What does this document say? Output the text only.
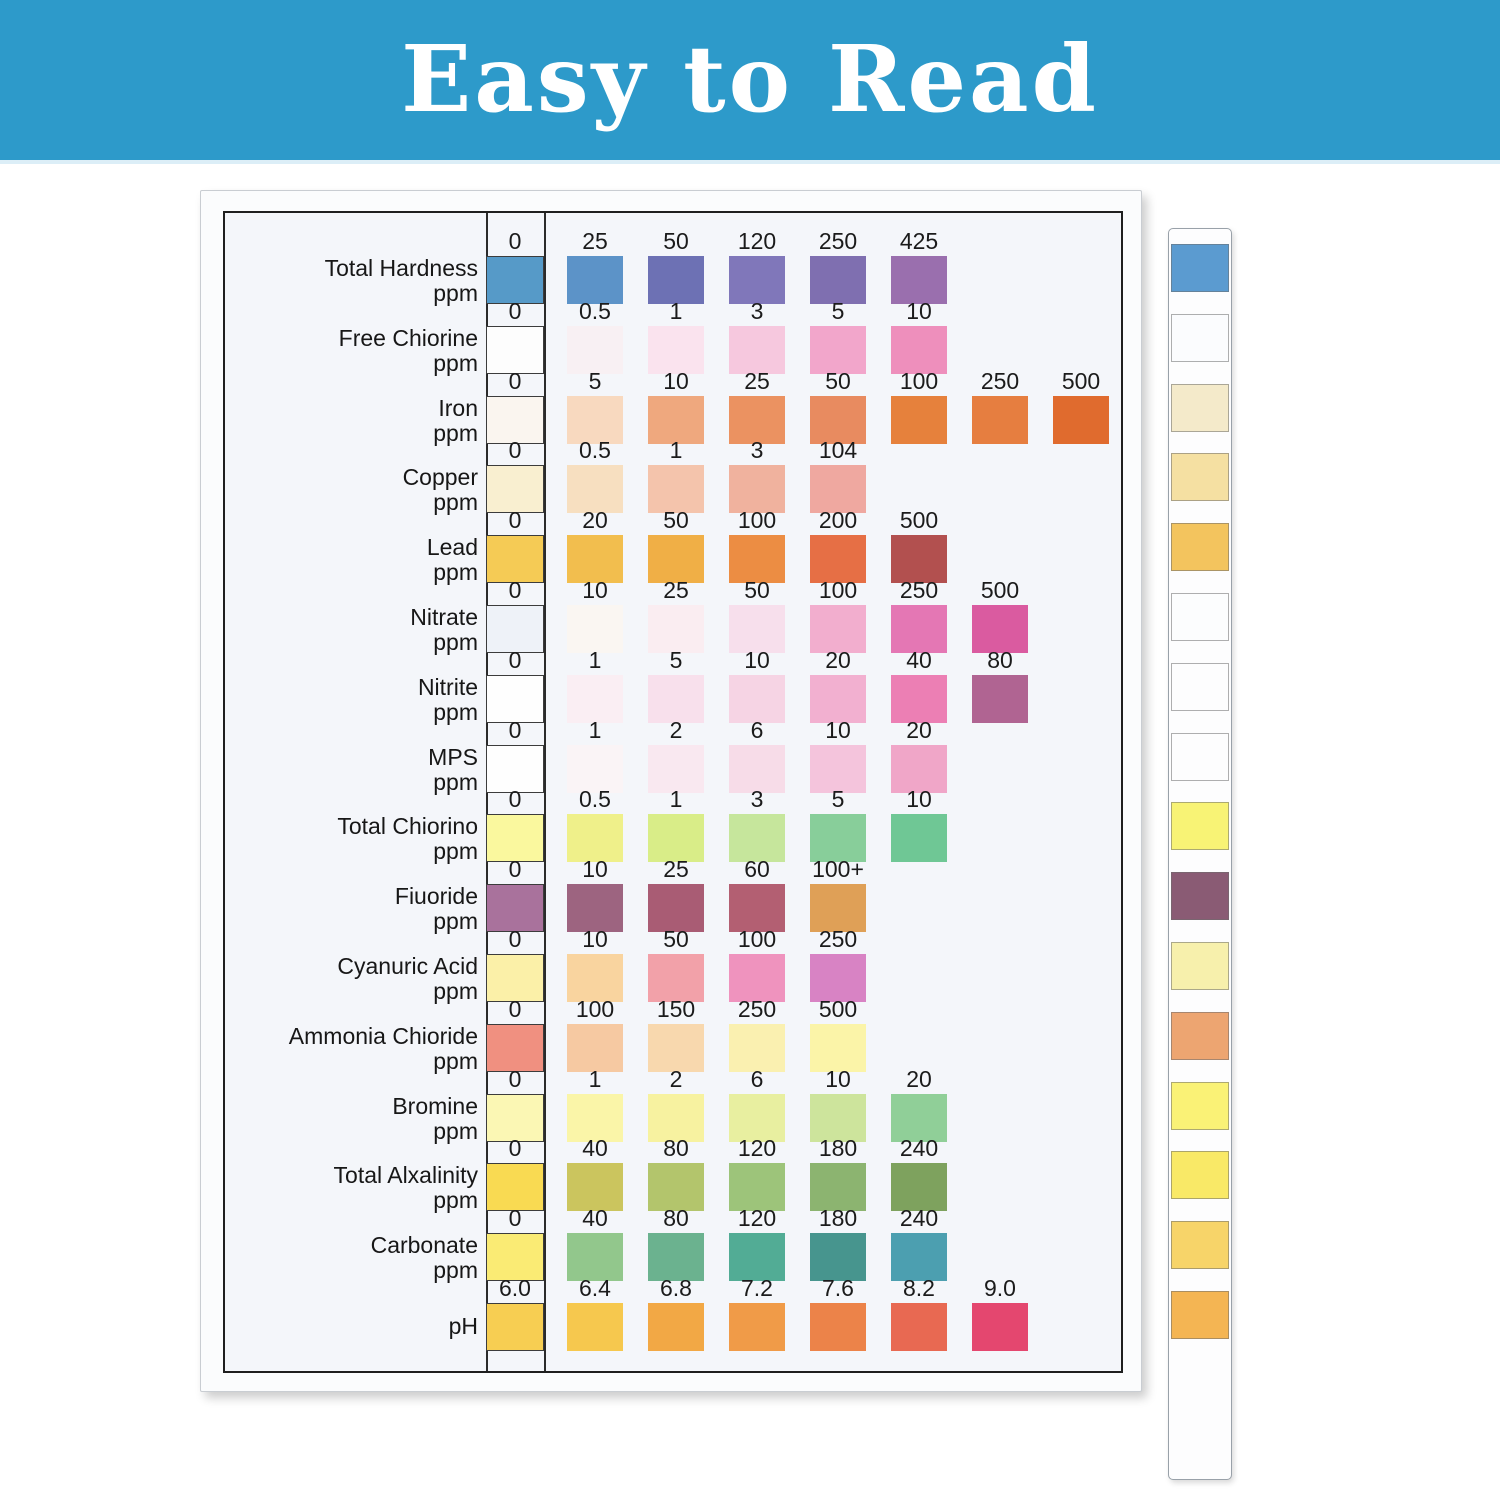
Easy to Read
Total Hardness
ppm
0	25	50	120	250	425
Free Chiorine
ppm
0	0.5	1	3	5	10
Iron
ppm
0	5	10	25	50	100	250	500
Copper
ppm
0	0.5	1	3	104
Lead
ppm
0	20	50	100	200	500
Nitrate
ppm
0	10	25	50	100	250	500
Nitrite
ppm
0	1	5	10	20	40	80
MPS
ppm
0	1	2	6	10	20
Total Chiorino
ppm
0	0.5	1	3	5	10
Fiuoride
ppm
0	10	25	60	100+
Cyanuric Acid
ppm
0	10	50	100	250
Ammonia Chioride
ppm
0	100	150	250	500
Bromine
ppm
0	1	2	6	10	20
Total Alxalinity
ppm
0	40	80	120	180	240
Carbonate
ppm
0	40	80	120	180	240
pH
6.0	6.4	6.8	7.2	7.6	8.2	9.0
